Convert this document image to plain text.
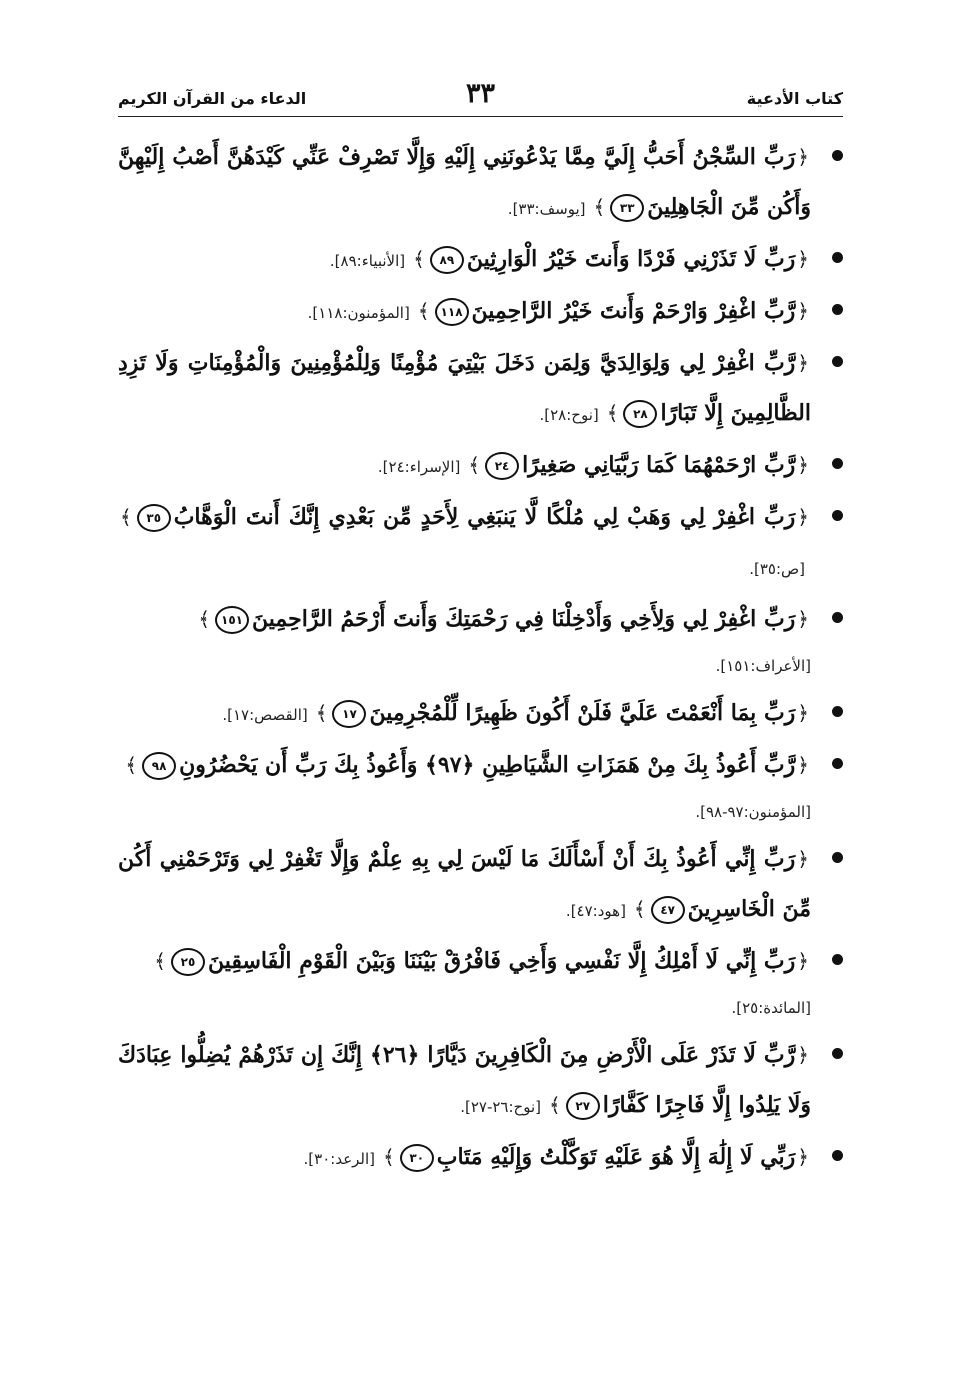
كتاب الأدعية
٣٣
الدعاء من القرآن الكريم
﴿رَبِّ السِّجْنُ أَحَبُّ إِلَيَّ مِمَّا يَدْعُونَنِي إِلَيْهِ وَإِلَّا تَصْرِفْ عَنِّي كَيْدَهُنَّ أَصْبُ إِلَيْهِنَّ وَأَكُن مِّنَ الْجَاهِلِينَ٣٣﴾[يوسف:٣٣].
﴿رَبِّ لَا تَذَرْنِي فَرْدًا وَأَنتَ خَيْرُ الْوَارِثِينَ٨٩﴾[الأنبياء:٨٩].
﴿رَّبِّ اغْفِرْ وَارْحَمْ وَأَنتَ خَيْرُ الرَّاحِمِينَ١١٨﴾[المؤمنون:١١٨].
﴿رَّبِّ اغْفِرْ لِي وَلِوَالِدَيَّ وَلِمَن دَخَلَ بَيْتِيَ مُؤْمِنًا وَلِلْمُؤْمِنِينَ وَالْمُؤْمِنَاتِ وَلَا تَزِدِ الظَّالِمِينَ إِلَّا تَبَارًا٢٨﴾[نوح:٢٨].
﴿رَّبِّ ارْحَمْهُمَا كَمَا رَبَّيَانِي صَغِيرًا٢٤﴾[الإسراء:٢٤].
﴿رَبِّ اغْفِرْ لِي وَهَبْ لِي مُلْكًا لَّا يَنبَغِي لِأَحَدٍ مِّن بَعْدِي إِنَّكَ أَنتَ الْوَهَّابُ٣٥﴾[ص:٣٥].
﴿رَبِّ اغْفِرْ لِي وَلِأَخِي وَأَدْخِلْنَا فِي رَحْمَتِكَ وَأَنتَ أَرْحَمُ الرَّاحِمِينَ١٥١﴾
[الأعراف:١٥١].
﴿رَبِّ بِمَا أَنْعَمْتَ عَلَيَّ فَلَنْ أَكُونَ ظَهِيرًا لِّلْمُجْرِمِينَ١٧﴾[القصص:١٧].
﴿رَّبِّ أَعُوذُ بِكَ مِنْ هَمَزَاتِ الشَّيَاطِينِ ﴿٩٧﴾ وَأَعُوذُ بِكَ رَبِّ أَن يَحْضُرُونِ٩٨﴾
[المؤمنون:٩٧-٩٨].
﴿رَبِّ إِنِّي أَعُوذُ بِكَ أَنْ أَسْأَلَكَ مَا لَيْسَ لِي بِهِ عِلْمٌ وَإِلَّا تَغْفِرْ لِي وَتَرْحَمْنِي أَكُن مِّنَ الْخَاسِرِينَ٤٧﴾[هود:٤٧].
﴿رَبِّ إِنِّي لَا أَمْلِكُ إِلَّا نَفْسِي وَأَخِي فَافْرُقْ بَيْنَنَا وَبَيْنَ الْقَوْمِ الْفَاسِقِينَ٢٥﴾
[المائدة:٢٥].
﴿رَّبِّ لَا تَذَرْ عَلَى الْأَرْضِ مِنَ الْكَافِرِينَ دَيَّارًا ﴿٢٦﴾ إِنَّكَ إِن تَذَرْهُمْ يُضِلُّوا عِبَادَكَ وَلَا يَلِدُوا إِلَّا فَاجِرًا كَفَّارًا٢٧﴾[نوح:٢٦-٢٧].
﴿رَبِّي لَا إِلَٰهَ إِلَّا هُوَ عَلَيْهِ تَوَكَّلْتُ وَإِلَيْهِ مَتَابِ٣٠﴾[الرعد:٣٠].
